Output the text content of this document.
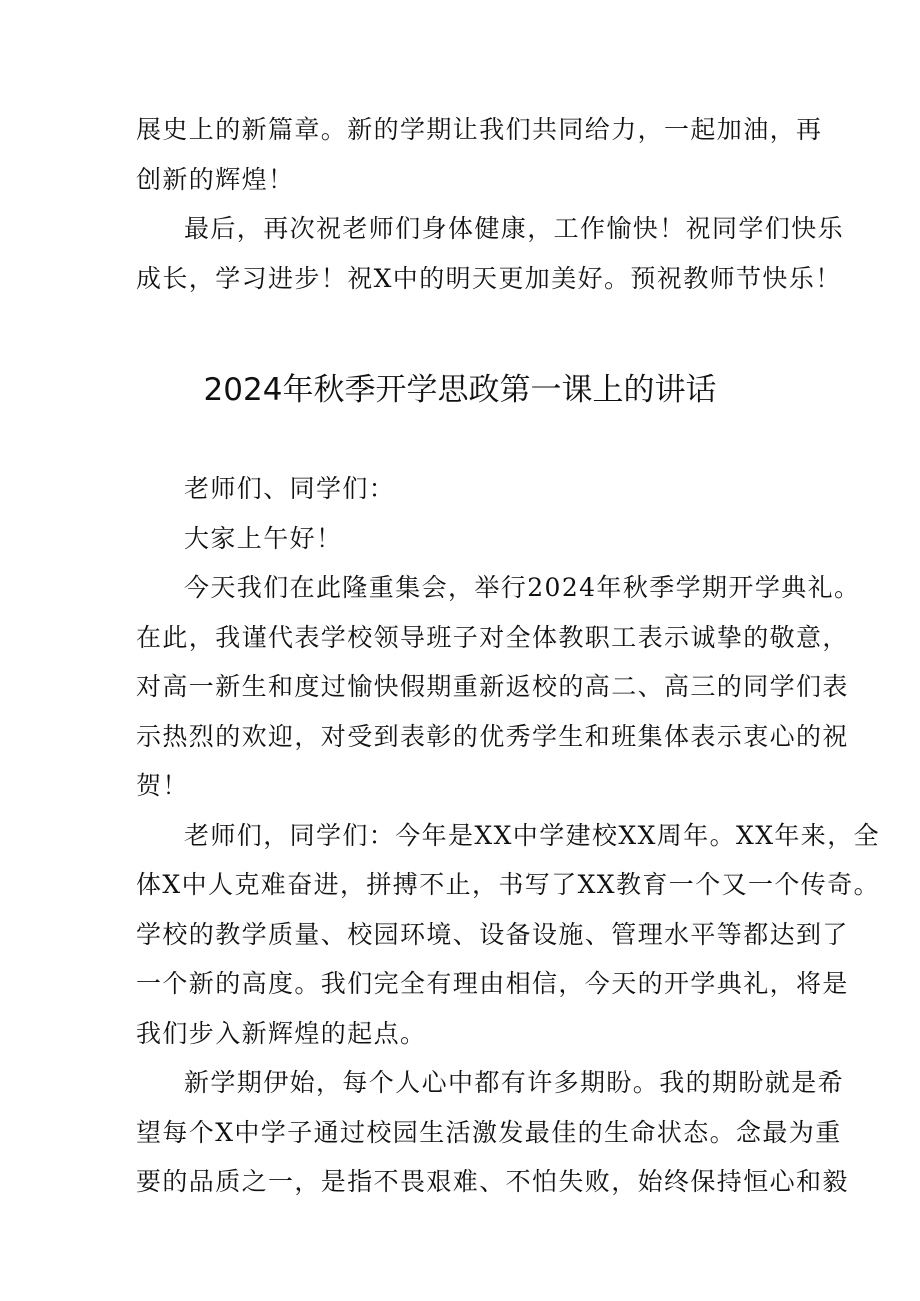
展史上的新篇章。新的学期让我们共同给力，一起加油，再
创新的辉煌！
最后，再次祝老师们身体健康，工作愉快！祝同学们快乐
成长，学习进步！祝X中的明天更加美好。预祝教师节快乐！
2024年秋季开学思政第一课上的讲话
老师们、同学们：
大家上午好！
今天我们在此隆重集会，举行2024年秋季学期开学典礼。
在此，我谨代表学校领导班子对全体教职工表示诚挚的敬意，
对高一新生和度过愉快假期重新返校的高二、高三的同学们表
示热烈的欢迎，对受到表彰的优秀学生和班集体表示衷心的祝
贺！
老师们，同学们：今年是XX中学建校XX周年。XX年来，全
体X中人克难奋进，拼搏不止，书写了XX教育一个又一个传奇。
学校的教学质量、校园环境、设备设施、管理水平等都达到了
一个新的高度。我们完全有理由相信，今天的开学典礼，将是
我们步入新辉煌的起点。
新学期伊始，每个人心中都有许多期盼。我的期盼就是希
望每个X中学子通过校园生活激发最佳的生命状态。念最为重
要的品质之一，是指不畏艰难、不怕失败，始终保持恒心和毅
